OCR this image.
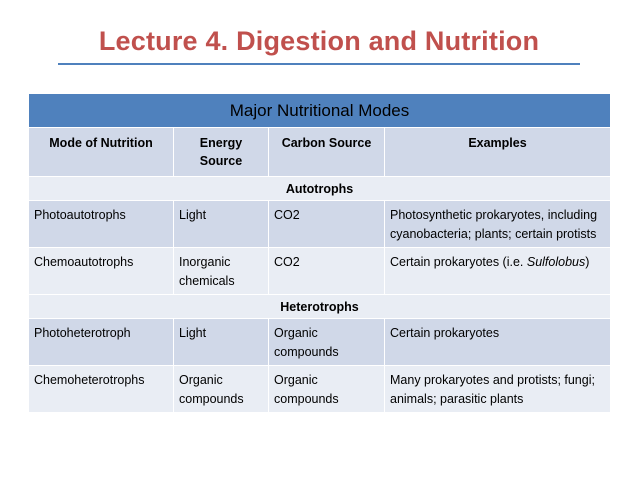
Lecture 4. Digestion and Nutrition
Major Nutritional Modes			
Mode of Nutrition	Energy Source	Carbon Source	Examples
Autotrophs			
Photoautotrophs	Light	CO2	Photosynthetic prokaryotes, including cyanobacteria; plants; certain protists
Chemoautotrophs	Inorganic chemicals	CO2	Certain prokaryotes (i.e. Sulfolobus)
Heterotrophs			
Photoheterotroph	Light	Organic compounds	Certain prokaryotes
Chemoheterotrophs	Organic compounds	Organic compounds	Many prokaryotes and protists; fungi; animals; parasitic plants
